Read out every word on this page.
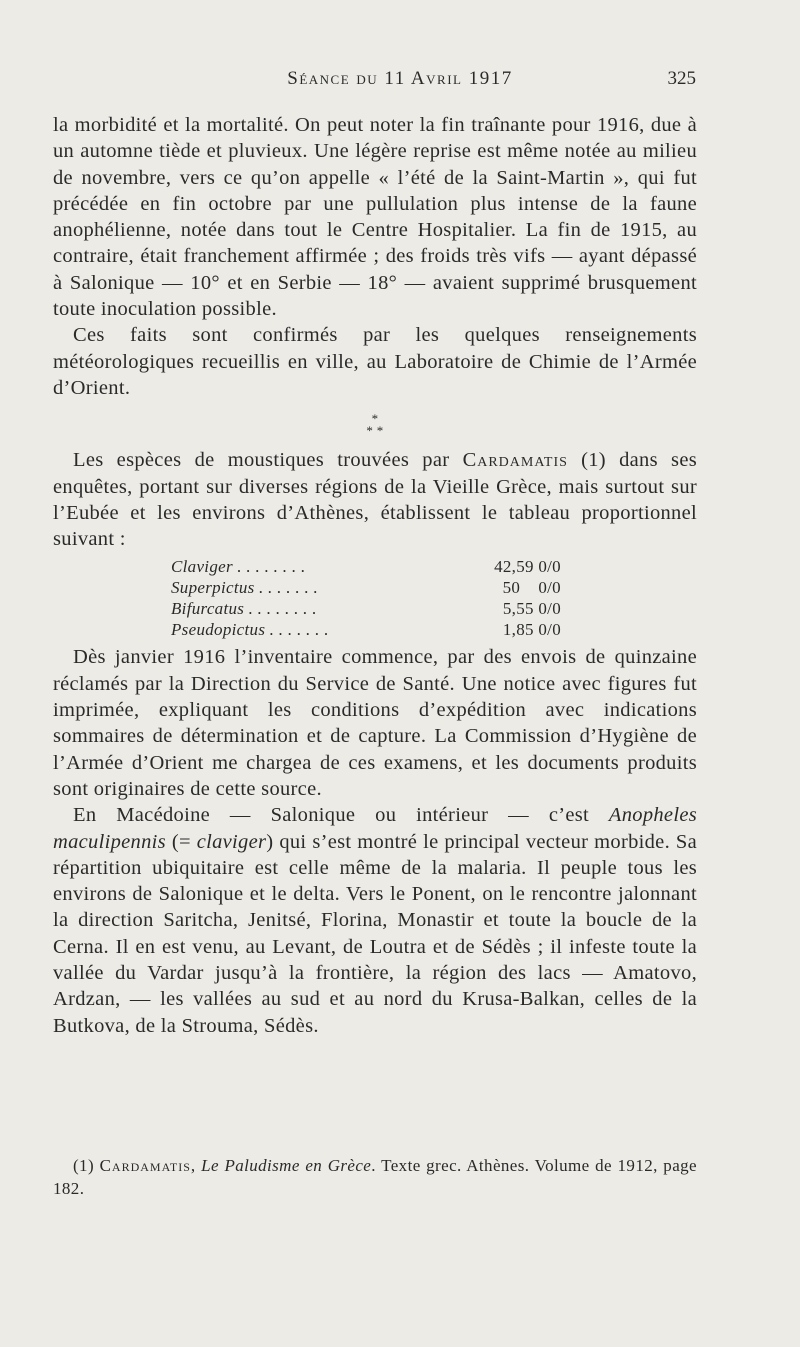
Séance du 11 Avril 1917	325

la morbidité et la mortalité. On peut noter la fin traînante pour 1916, due à un automne tiède et pluvieux. Une légère reprise est même notée au milieu de novembre, vers ce qu’on appelle « l’été de la Saint-Martin », qui fut précédée en fin octobre par une pullulation plus intense de la faune anophélienne, notée dans tout le Centre Hospitalier. La fin de 1915, au contraire, était franchement affirmée ; des froids très vifs — ayant dépassé à Salonique — 10° et en Serbie — 18° — avaient supprimé brusquement toute inoculation possible.

Ces faits sont confirmés par les quelques renseignements météorologiques recueillis en ville, au Laboratoire de Chimie de l’Armée d’Orient.

*
* *

Les espèces de moustiques trouvées par Cardamatis (1) dans ses enquêtes, portant sur diverses régions de la Vieille Grèce, mais surtout sur l’Eubée et les environs d’Athènes, établissent le tableau proportionnel suivant :

Claviger . . . . . . . .	42,59 0/0
Superpictus . . . . . . .	50    0/0
Bifurcatus . . . . . . . .	5,55 0/0
Pseudopictus . . . . . . .	1,85 0/0

Dès janvier 1916 l’inventaire commence, par des envois de quinzaine réclamés par la Direction du Service de Santé. Une notice avec figures fut imprimée, expliquant les conditions d’expédition avec indications sommaires de détermination et de capture. La Commission d’Hygiène de l’Armée d’Orient me chargea de ces examens, et les documents produits sont originaires de cette source.

En Macédoine — Salonique ou intérieur — c’est Anopheles maculipennis (= claviger) qui s’est montré le principal vecteur morbide. Sa répartition ubiquitaire est celle même de la malaria. Il peuple tous les environs de Salonique et le delta. Vers le Ponent, on le rencontre jalonnant la direction Saritcha, Jenitsé, Florina, Monastir et toute la boucle de la Cerna. Il en est venu, au Levant, de Loutra et de Sédès ; il infeste toute la vallée du Vardar jusqu’à la frontière, la région des lacs — Amatovo, Ardzan, — les vallées au sud et au nord du Krusa-Balkan, celles de la Butkova, de la Strouma, Sédès.

(1) Cardamatis, Le Paludisme en Grèce. Texte grec. Athènes. Volume de 1912, page 182.
